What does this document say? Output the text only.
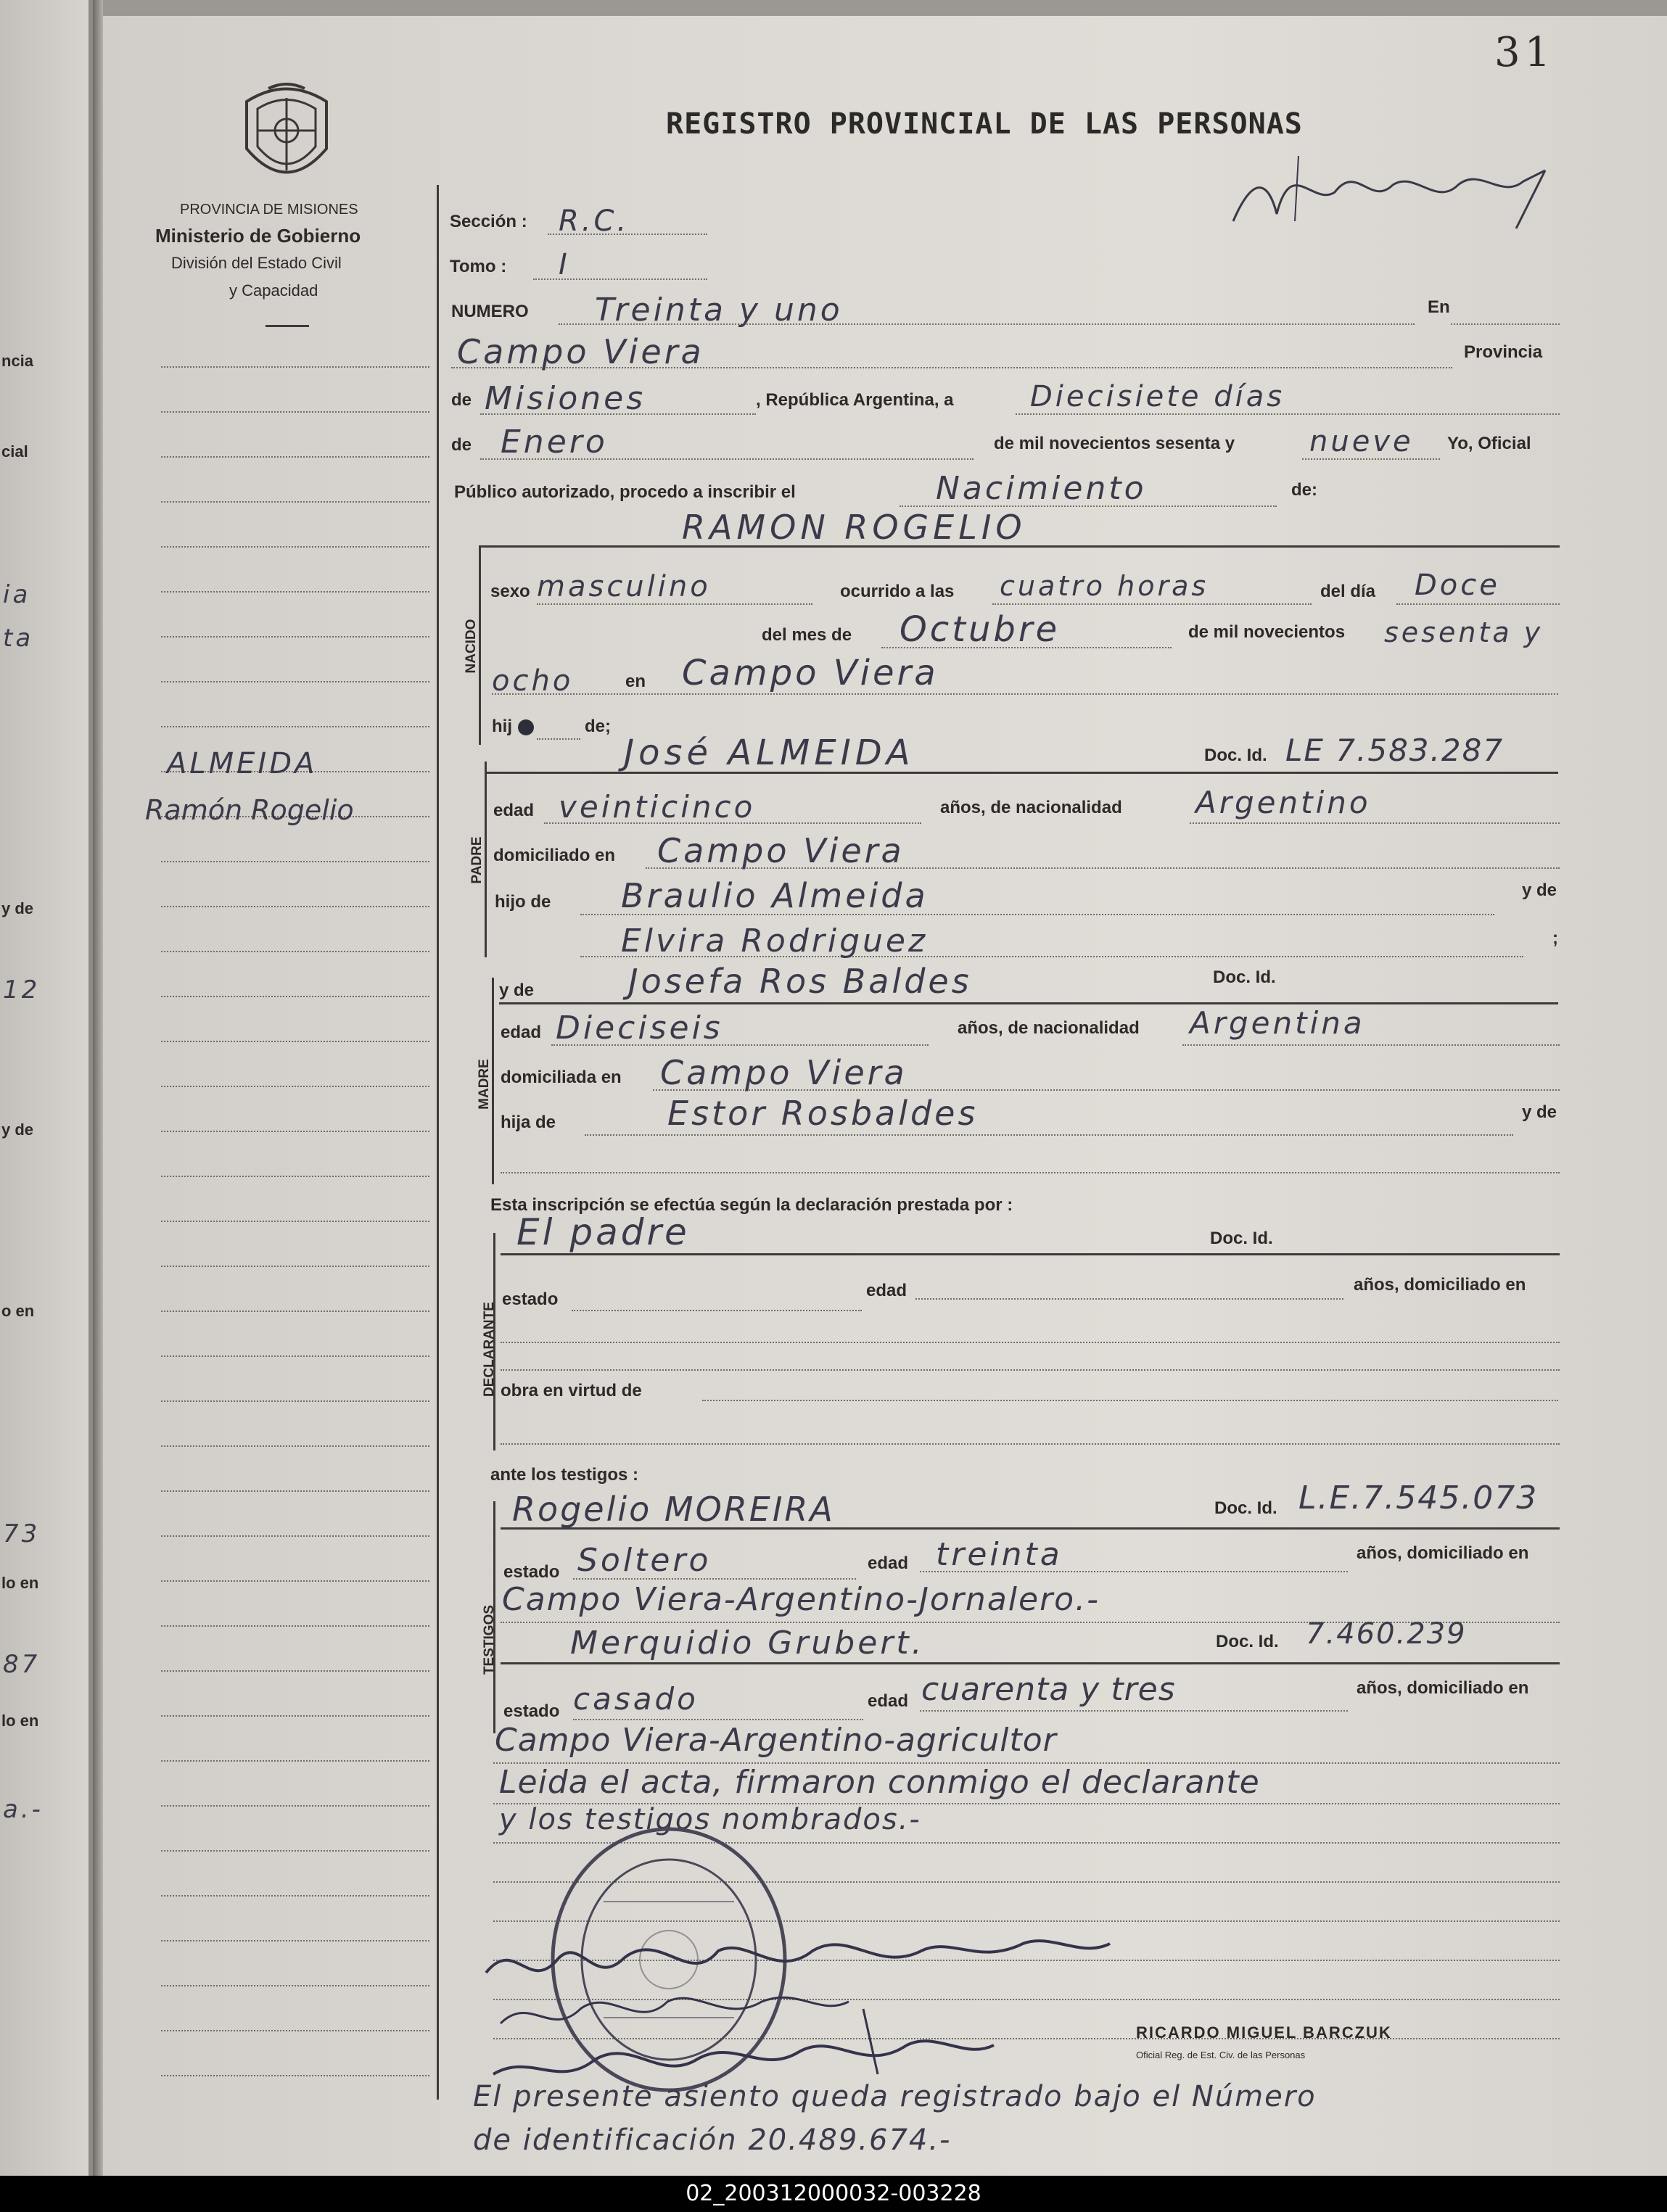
ncia
cial
ia
ta
y de
12
y de
o en
73
lo en
87
lo en
a.-
31
REGISTRO PROVINCIAL DE LAS PERSONAS
PROVINCIA DE MISIONES
Ministerio de Gobierno
División del Estado Civil
y Capacidad
ALMEIDA
Ramón Rogelio
Sección : R.C.
Tomo : I
NUMERO Treinta y uno	En
Campo Viera	Provincia
de Misiones	, República Argentina, a	Diecisiete días
de Enero	de mil novecientos sesenta y	nueve Yo, Oficial
Público autorizado, procedo a inscribir el	Nacimiento	de:
RAMON ROGELIO
NACIDO
sexo masculino	ocurrido a las cuatro horas	del día Doce
del mes de Octubre	de mil novecientos sesenta y
ocho	en Campo Viera
hij	de;
PADRE
José ALMEIDA	Doc. Id. LE 7.583.287
edad veinticinco	años, de nacionalidad Argentino
domiciliado en Campo Viera
hijo de Braulio Almeida	y de
Elvira Rodriguez	;
MADRE
y de	Josefa Ros Baldes	Doc. Id.
edad Dieciseis	años, de nacionalidad Argentina
domiciliada en Campo Viera
hija de	Estor Rosbaldes	y de
Esta inscripción se efectúa según la declaración prestada por :
DECLARANTE
El padre	Doc. Id.
estado	edad	años, domiciliado en
obra en virtud de
ante los testigos :
TESTIGOS
Rogelio MOREIRA	Doc. Id. L.E.7.545.073
estado Soltero	edad treinta	años, domiciliado en
Campo Viera-Argentino-Jornalero.-
Merquidio Grubert.	Doc. Id. 7.460.239
estado casado	edad cuarenta y tres	años, domiciliado en
Campo Viera-Argentino-agricultor
Leida el acta, firmaron conmigo el declarante
y los testigos nombrados.-
RICARDO MIGUEL BARCZUK
Oficial Reg. de Est. Civ. de las Personas
El presente asiento queda registrado bajo el Número
de identificación 20.489.674.-
02_200312000032-003228
